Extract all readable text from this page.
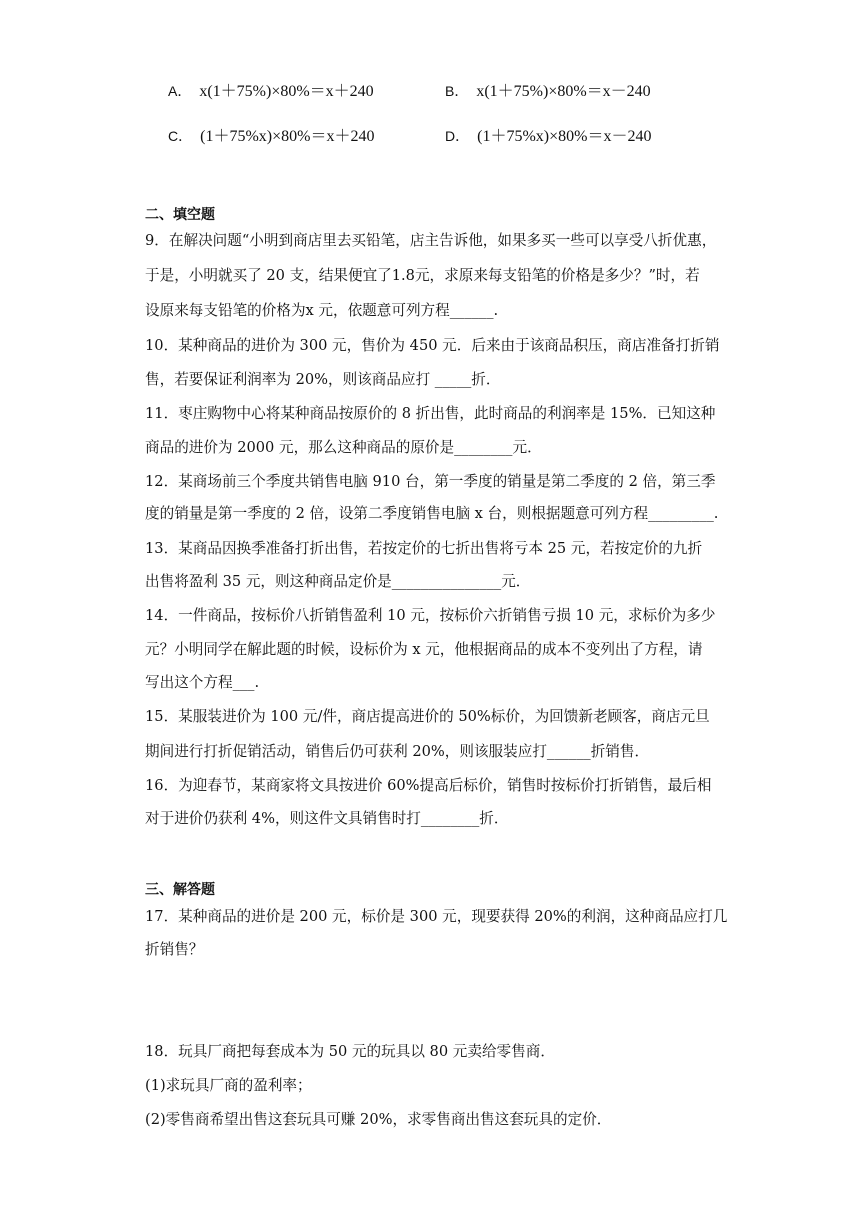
A． x(1＋75%)×80%＝x＋240	B． x(1＋75%)×80%＝x－240
C． (1＋75%x)×80%＝x＋240	D． (1＋75%x)×80%＝x－240
二、填空题
9．在解决问题“小明到商店里去买铅笔，店主告诉他，如果多买一些可以享受八折优惠，
于是，小明就买了 20 支，结果便宜了1.8元，求原来每支铅笔的价格是多少？”时，若
设原来每支铅笔的价格为x 元，依题意可列方程______.
10．某种商品的进价为 300 元，售价为 450 元．后来由于该商品积压，商店准备打折销
售，若要保证利润率为 20%，则该商品应打 _____折．
11．枣庄购物中心将某种商品按原价的 8 折出售，此时商品的利润率是 15%．已知这种
商品的进价为 2000 元，那么这种商品的原价是________元．
12．某商场前三个季度共销售电脑 910 台，第一季度的销量是第二季度的 2 倍，第三季
度的销量是第一季度的 2 倍，设第二季度销售电脑 x 台，则根据题意可列方程_________.
13．某商品因换季准备打折出售，若按定价的七折出售将亏本 25 元，若按定价的九折
出售将盈利 35 元，则这种商品定价是_______________元．
14．一件商品，按标价八折销售盈利 10 元，按标价六折销售亏损 10 元，求标价为多少
元？小明同学在解此题的时候，设标价为 x 元，他根据商品的成本不变列出了方程，请
写出这个方程___.
15．某服装进价为 100 元/件，商店提高进价的 50%标价，为回馈新老顾客，商店元旦
期间进行打折促销活动，销售后仍可获利 20%，则该服装应打______折销售．
16．为迎春节，某商家将文具按进价 60%提高后标价，销售时按标价打折销售，最后相
对于进价仍获利 4%，则这件文具销售时打________折．
三、解答题
17．某种商品的进价是 200 元，标价是 300 元，现要获得 20%的利润，这种商品应打几
折销售？
18．玩具厂商把每套成本为 50 元的玩具以 80 元卖给零售商．
(1)求玩具厂商的盈利率；
(2)零售商希望出售这套玩具可赚 20%，求零售商出售这套玩具的定价．
